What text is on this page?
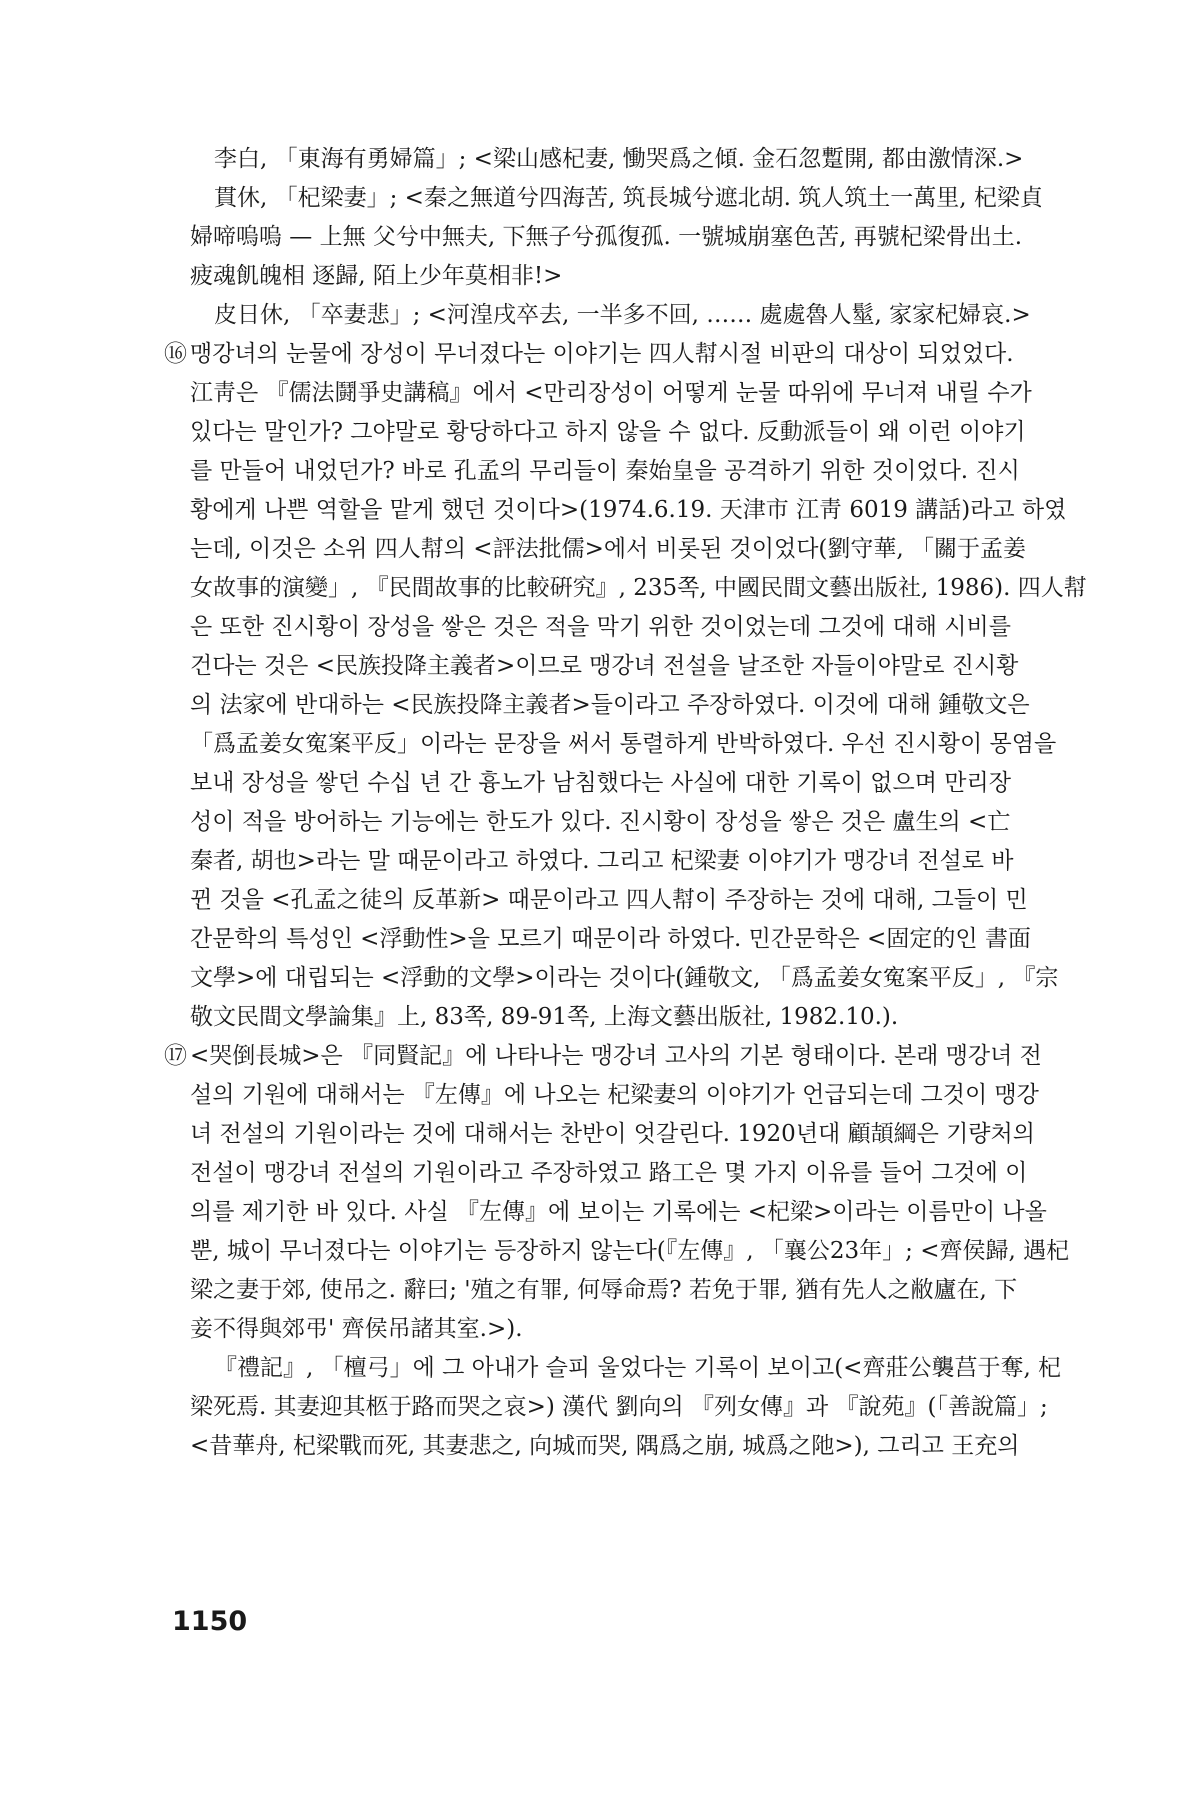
李白, 「東海有勇婦篇」; <梁山感杞妻, 慟哭爲之傾. 金石忽蹔開, 都由激情深.>
貫休, 「杞梁妻」; <秦之無道兮四海苦, 筑長城兮遮北胡. 筑人筑土一萬里, 杞梁貞
婦啼嗚嗚 — 上無 父兮中無夫, 下無子兮孤復孤. 一號城崩塞色苦, 再號杞梁骨出土.
疲魂飢魄相 逐歸, 陌上少年莫相非!>
皮日休, 「卒妻悲」; <河湟戌卒去, 一半多不回, …… 處處魯人髽, 家家杞婦哀.>
⑯ 맹강녀의 눈물에 장성이 무너졌다는 이야기는 四人幇시절 비판의 대상이 되었었다.
江靑은 『儒法鬪爭史講稿』에서 <만리장성이 어떻게 눈물 따위에 무너져 내릴 수가
있다는 말인가? 그야말로 황당하다고 하지 않을 수 없다. 反動派들이 왜 이런 이야기
를 만들어 내었던가? 바로 孔孟의 무리들이 秦始皇을 공격하기 위한 것이었다. 진시
황에게 나쁜 역할을 맡게 했던 것이다>(1974.6.19. 天津市 江靑 6019 講話)라고 하였
는데, 이것은 소위 四人幇의 <評法批儒>에서 비롯된 것이었다(劉守華, 「關于孟姜
女故事的演變」, 『民間故事的比較硏究』, 235쪽, 中國民間文藝出版社, 1986). 四人幇
은 또한 진시황이 장성을 쌓은 것은 적을 막기 위한 것이었는데 그것에 대해 시비를
건다는 것은 <民族投降主義者>이므로 맹강녀 전설을 날조한 자들이야말로 진시황
의 法家에 반대하는 <民族投降主義者>들이라고 주장하였다. 이것에 대해 鍾敬文은
「爲孟姜女寃案平反」이라는 문장을 써서 통렬하게 반박하였다. 우선 진시황이 몽염을
보내 장성을 쌓던 수십 년 간 흉노가 남침했다는 사실에 대한 기록이 없으며 만리장
성이 적을 방어하는 기능에는 한도가 있다. 진시황이 장성을 쌓은 것은 盧生의 <亡
秦者, 胡也>라는 말 때문이라고 하였다. 그리고 杞梁妻 이야기가 맹강녀 전설로 바
뀐 것을 <孔孟之徒의 反革新> 때문이라고 四人幇이 주장하는 것에 대해, 그들이 민
간문학의 특성인 <浮動性>을 모르기 때문이라 하였다. 민간문학은 <固定的인 書面
文學>에 대립되는 <浮動的文學>이라는 것이다(鍾敬文, 「爲孟姜女寃案平反」, 『宗
敬文民間文學論集』上, 83쪽, 89-91쪽, 上海文藝出版社, 1982.10.).
⑰ <哭倒長城>은 『同賢記』에 나타나는 맹강녀 고사의 기본 형태이다. 본래 맹강녀 전
설의 기원에 대해서는 『左傳』에 나오는 杞梁妻의 이야기가 언급되는데 그것이 맹강
녀 전설의 기원이라는 것에 대해서는 찬반이 엇갈린다. 1920년대 顧頡綱은 기량처의
전설이 맹강녀 전설의 기원이라고 주장하였고 路工은 몇 가지 이유를 들어 그것에 이
의를 제기한 바 있다. 사실 『左傳』에 보이는 기록에는 <杞梁>이라는 이름만이 나올
뿐, 城이 무너졌다는 이야기는 등장하지 않는다(『左傳』, 「襄公23年」; <齊侯歸, 遇杞
梁之妻于郊, 使吊之. 辭曰; '殖之有罪, 何辱命焉? 若免于罪, 猶有先人之敝廬在, 下
妾不得與郊弔' 齊侯吊諸其室.>).
『禮記』, 「檀弓」에 그 아내가 슬피 울었다는 기록이 보이고(<齊莊公襲莒于奪, 杞
梁死焉. 其妻迎其柩于路而哭之哀>) 漢代 劉向의 『列女傳』과 『說苑』(「善說篇」;
<昔華舟, 杞梁戰而死, 其妻悲之, 向城而哭, 隅爲之崩, 城爲之阤>), 그리고 王充의
1150
